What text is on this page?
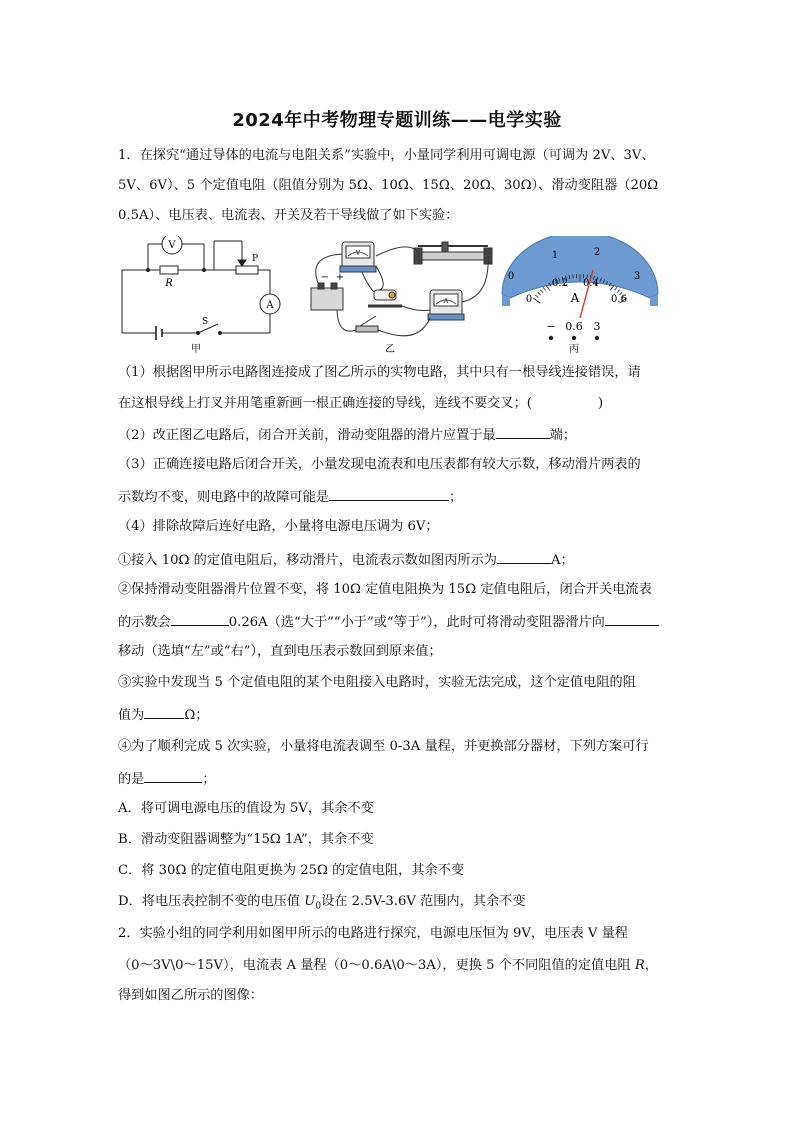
2024年中考物理专题训练——电学实验
1．在探究“通过导体的电流与电阻关系”实验中，小量同学利用可调电源（可调为 2V、3V、
5V、6V）、5 个定值电阻（阻值分别为 5Ω、10Ω、15Ω、20Ω、30Ω）、滑动变阻器（20Ω
0.5A）、电压表、电流表、开关及若干导线做了如下实验：
V
A
R
P
S
甲
− +
V
A
乙
0
1	2
3
0
0.2 0.4
0.6
A
− 0.6 3
丙
（1）根据图甲所示电路图连接成了图乙所示的实物电路，其中只有一根导线连接错误，请
在这根导线上打叉并用笔重新画一根正确连接的导线，连线不要交叉；(	)
（2）改正图乙电路后，闭合开关前，滑动变阻器的滑片应置于最	端；
（3）正确连接电路后闭合开关，小量发现电流表和电压表都有较大示数，移动滑片两表的
示数均不变，则电路中的故障可能是	；
（4）排除故障后连好电路，小量将电源电压调为 6V；
①接入 10Ω 的定值电阻后，移动滑片，电流表示数如图丙所示为	A；
②保持滑动变阻器滑片位置不变，将 10Ω 定值电阻换为 15Ω 定值电阻后，闭合开关电流表
的示数会	0.26A（选“大于”“小于”或“等于”），此时可将滑动变阻器滑片向
移动（选填“左”或“右”），直到电压表示数回到原来值；
③实验中发现当 5 个定值电阻的某个电阻接入电路时，实验无法完成，这个定值电阻的阻
值为	Ω；
④为了顺利完成 5 次实验，小量将电流表调至 0-3A 量程，并更换部分器材，下列方案可行
的是	；
A．将可调电源电压的值设为 5V，其余不变
B．滑动变阻器调整为“15Ω 1A”，其余不变
C．将 30Ω 的定值电阻更换为 25Ω 的定值电阻，其余不变
D．将电压表控制不变的电压值 $U_0$设在 2.5V-3.6V 范围内，其余不变
2．实验小组的同学利用如图甲所示的电路进行探究，电源电压恒为 9V，电压表 V 量程
（0～3V\0～15V），电流表 A 量程（0～0.6A\0～3A），更换 5 个不同阻值的定值电阻 R，
得到如图乙所示的图像：
